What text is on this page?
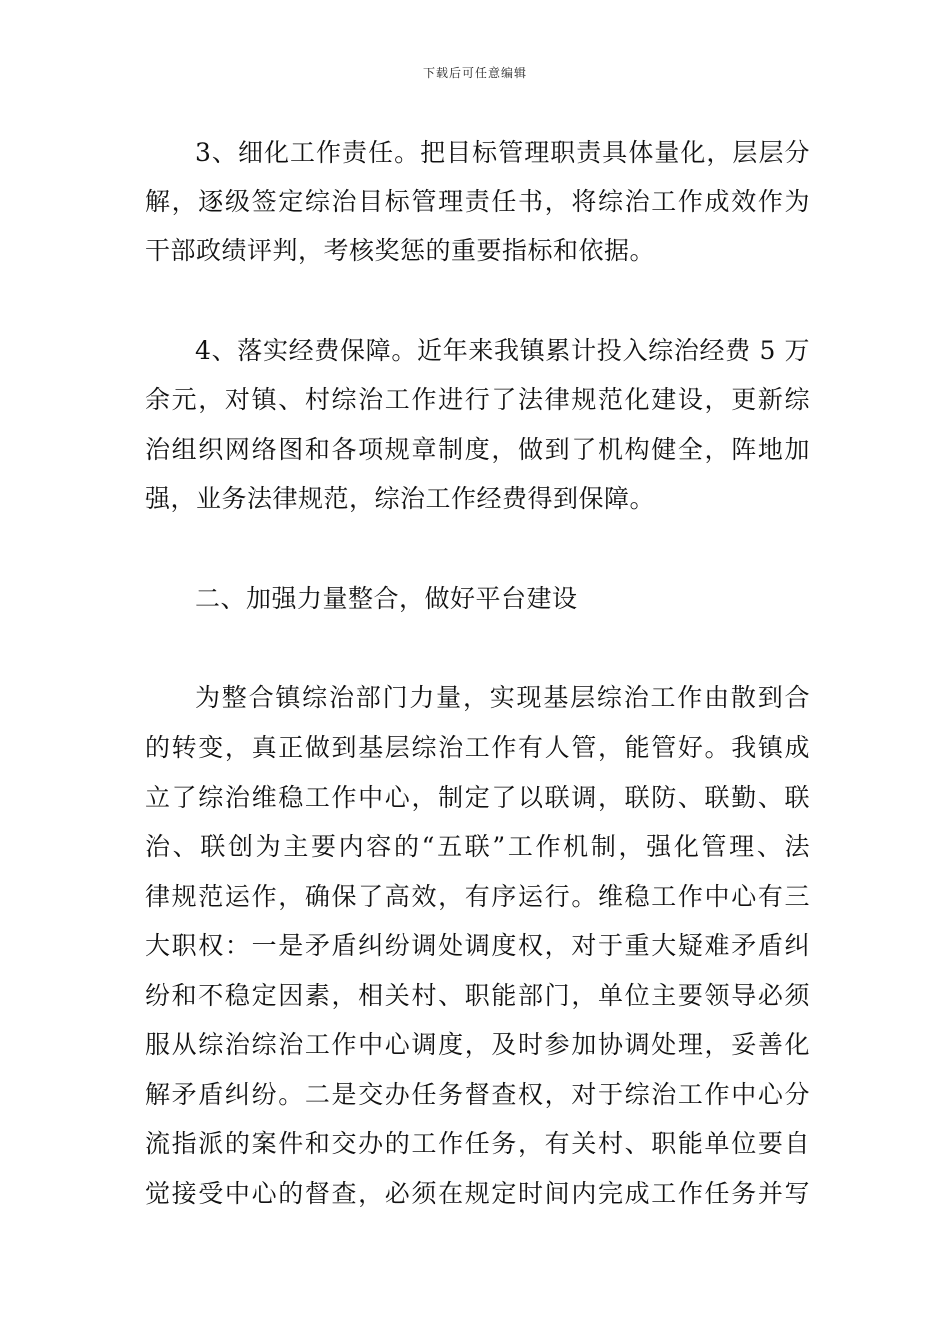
下载后可任意编辑
3、细化工作责任。把目标管理职责具体量化，层层分
解，逐级签定综治目标管理责任书，将综治工作成效作为
干部政绩评判，考核奖惩的重要指标和依据。
4、落实经费保障。近年来我镇累计投入综治经费 5 万
余元，对镇、村综治工作进行了法律规范化建设，更新综
治组织网络图和各项规章制度，做到了机构健全，阵地加
强，业务法律规范，综治工作经费得到保障。
二、加强力量整合，做好平台建设
为整合镇综治部门力量，实现基层综治工作由散到合
的转变，真正做到基层综治工作有人管，能管好。我镇成
立了综治维稳工作中心，制定了以联调，联防、联勤、联
治、联创为主要内容的“五联”工作机制，强化管理、法
律规范运作，确保了高效，有序运行。维稳工作中心有三
大职权：一是矛盾纠纷调处调度权，对于重大疑难矛盾纠
纷和不稳定因素，相关村、职能部门，单位主要领导必须
服从综治综治工作中心调度，及时参加协调处理，妥善化
解矛盾纠纷。二是交办任务督查权，对于综治工作中心分
流指派的案件和交办的工作任务，有关村、职能单位要自
觉接受中心的督查，必须在规定时间内完成工作任务并写
